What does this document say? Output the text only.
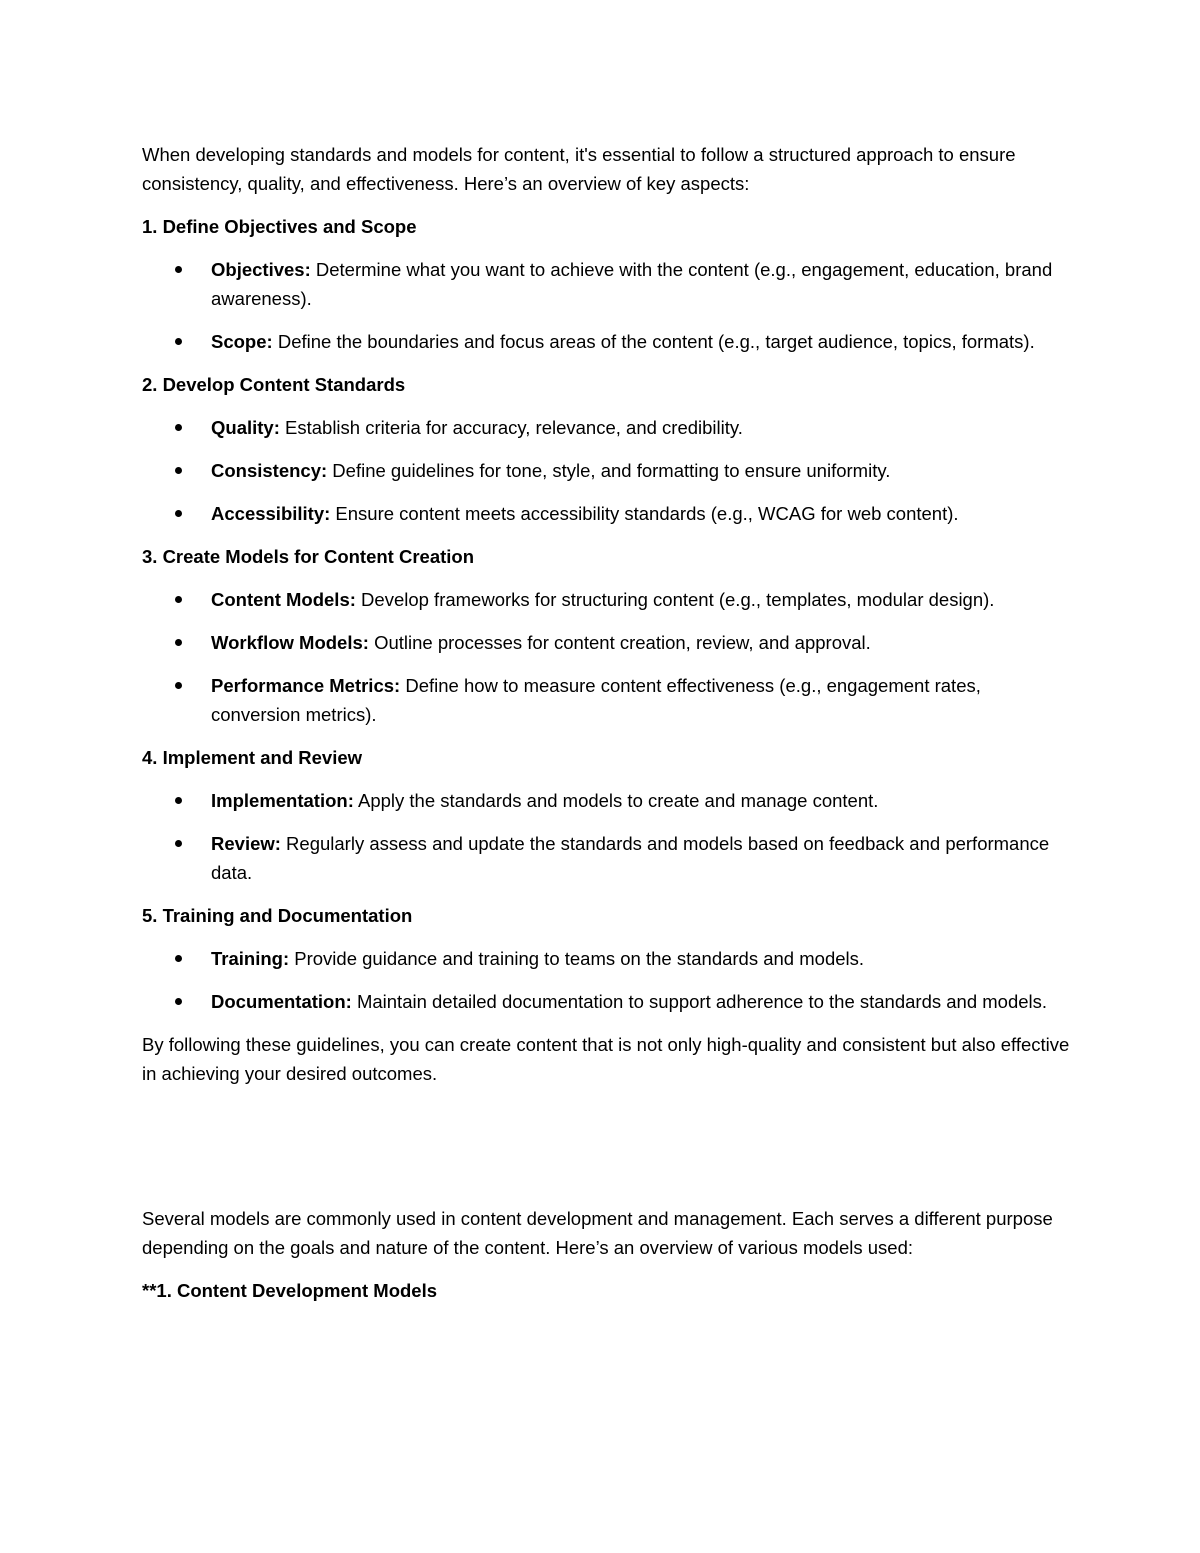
When developing standards and models for content, it's essential to follow a structured approach to ensure consistency, quality, and effectiveness. Here’s an overview of key aspects:

1. Define Objectives and Scope
Objectives: Determine what you want to achieve with the content (e.g., engagement, education, brand awareness).
Scope: Define the boundaries and focus areas of the content (e.g., target audience, topics, formats).
2. Develop Content Standards
Quality: Establish criteria for accuracy, relevance, and credibility.
Consistency: Define guidelines for tone, style, and formatting to ensure uniformity.
Accessibility: Ensure content meets accessibility standards (e.g., WCAG for web content).
3. Create Models for Content Creation
Content Models: Develop frameworks for structuring content (e.g., templates, modular design).
Workflow Models: Outline processes for content creation, review, and approval.
Performance Metrics: Define how to measure content effectiveness (e.g., engagement rates, conversion metrics).
4. Implement and Review
Implementation: Apply the standards and models to create and manage content.
Review: Regularly assess and update the standards and models based on feedback and performance data.
5. Training and Documentation
Training: Provide guidance and training to teams on the standards and models.
Documentation: Maintain detailed documentation to support adherence to the standards and models.

By following these guidelines, you can create content that is not only high-quality and consistent but also effective in achieving your desired outcomes.

Several models are commonly used in content development and management. Each serves a different purpose depending on the goals and nature of the content. Here’s an overview of various models used:

**1. Content Development Models
